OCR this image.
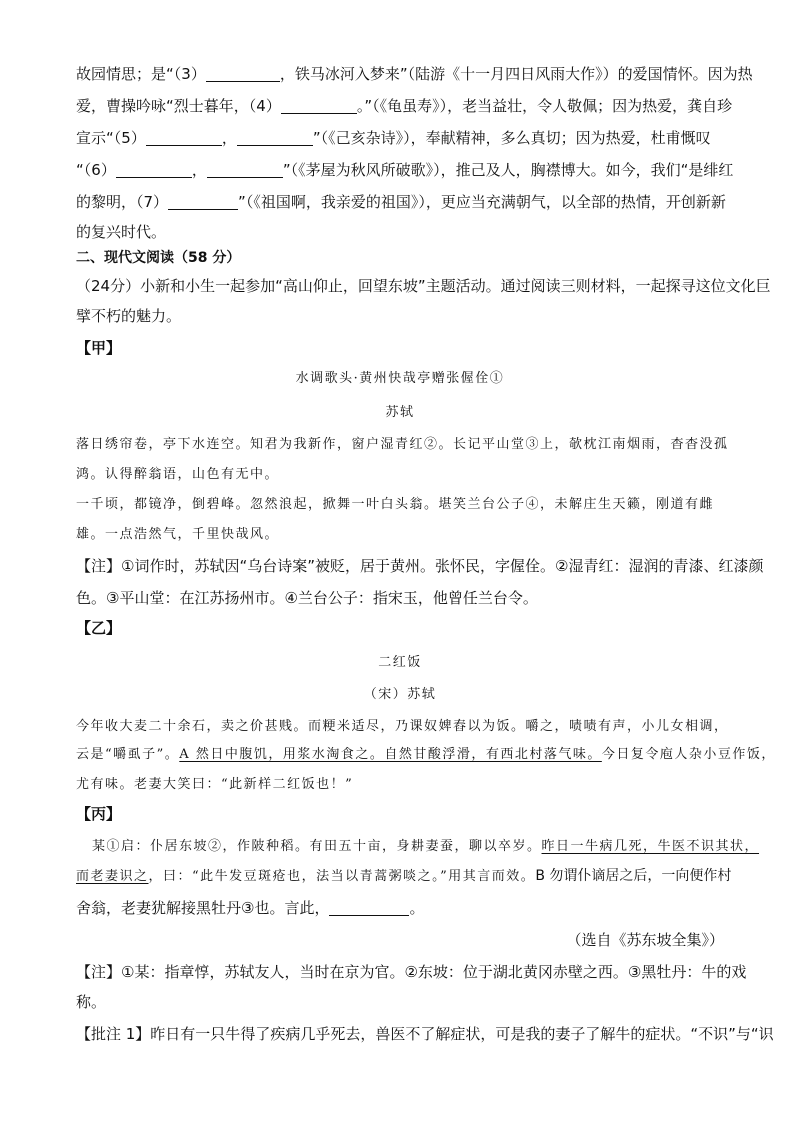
故园情思；是“（3）	，铁马冰河入梦来”（陆游《十一月四日风雨大作》）的爱国情怀。因为热

爱，曹操吟咏“烈士暮年，（4）	。”（《龟虽寿》），老当益壮，令人敬佩；因为热爱，龚自珍

宣示“（5）	，	”（《己亥杂诗》），奉献精神，多么真切；因为热爱，杜甫慨叹

“（6）	，	”（《茅屋为秋风所破歌》），推己及人，胸襟博大。如今，我们“是绯红

的黎明，（7）	”（《祖国啊，我亲爱的祖国》），更应当充满朝气，以全部的热情，开创新新

的复兴时代。

二、现代文阅读（58 分）

（24分）小新和小生一起参加“高山仰止，回望东坡”主题活动。通过阅读三则材料，一起探寻这位文化巨

擘不朽的魅力。

【甲】

水调歌头·黄州快哉亭赠张偓佺①

苏轼

落日绣帘卷，亭下水连空。知君为我新作，窗户湿青红②。长记平山堂③上，欹枕江南烟雨，杳杳没孤

鸿。认得醉翁语，山色有无中。

一千顷，都镜净，倒碧峰。忽然浪起，掀舞一叶白头翁。堪笑兰台公子④，未解庄生天籁，刚道有雌

雄。一点浩然气，千里快哉风。

【注】①词作时，苏轼因“乌台诗案”被贬，居于黄州。张怀民，字偓佺。②湿青红：湿润的青漆、红漆颜

色。③平山堂：在江苏扬州市。④兰台公子：指宋玉，他曾任兰台令。

【乙】

二红饭

（宋）苏轼

今年收大麦二十余石，卖之价甚贱。而粳米适尽，乃课奴婢舂以为饭。嚼之，啧啧有声，小儿女相调，

云是“嚼虱子”。A 然日中腹饥，用浆水淘食之。自然甘酸浮滑，有西北村落气味。今日复令庖人杂小豆作饭，

尤有味。老妻大笑曰：“此新样二红饭也！”

【丙】

某①启：仆居东坡②，作陂种稻。有田五十亩，身耕妻蚕，聊以卒岁。昨日一牛病几死，牛医不识其状，

而老妻识之，曰：“此牛发豆斑疮也，法当以青蒿粥啖之。”用其言而效。B 勿谓仆谪居之后，一向便作村

舍翁，老妻犹解接黑牡丹③也。言此，	。

（选自《苏东坡全集》）

【注】①某：指章惇，苏轼友人，当时在京为官。②东坡：位于湖北黄冈赤壁之西。③黑牡丹：牛的戏

称。

【批注 1】昨日有一只牛得了疾病几乎死去，兽医不了解症状，可是我的妻子了解牛的症状。“不识”与“识
